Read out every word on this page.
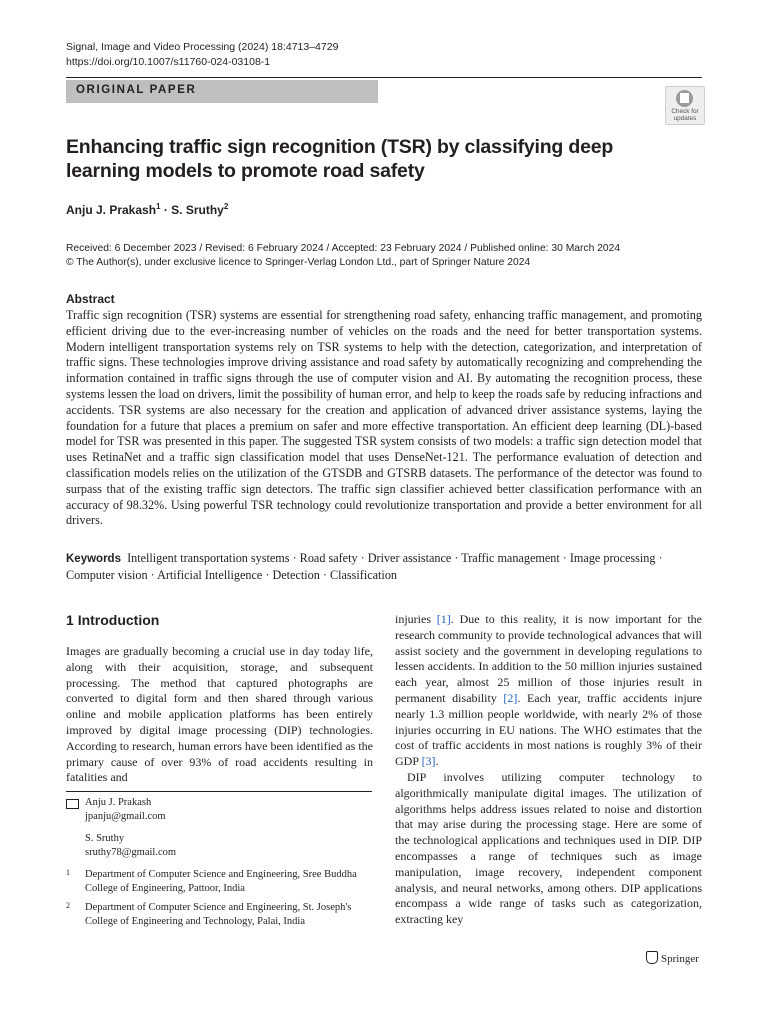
Signal, Image and Video Processing (2024) 18:4713–4729
https://doi.org/10.1007/s11760-024-03108-1
ORIGINAL PAPER
Check for
updates
Enhancing traffic sign recognition (TSR) by classifying deep learning models to promote road safety
Anju J. Prakash$^1$ · S. Sruthy$^2$
Received: 6 December 2023 / Revised: 6 February 2024 / Accepted: 23 February 2024 / Published online: 30 March 2024
© The Author(s), under exclusive licence to Springer-Verlag London Ltd., part of Springer Nature 2024
Abstract
Traffic sign recognition (TSR) systems are essential for strengthening road safety, enhancing traffic management, and promoting efficient driving due to the ever-increasing number of vehicles on the roads and the need for better transportation systems. Modern intelligent transportation systems rely on TSR systems to help with the detection, categorization, and interpretation of traffic signs. These technologies improve driving assistance and road safety by automatically recognizing and comprehending the information contained in traffic signs through the use of computer vision and AI. By automating the recognition process, these systems lessen the load on drivers, limit the possibility of human error, and help to keep the roads safe by reducing infractions and accidents. TSR systems are also necessary for the creation and application of advanced driver assistance systems, laying the foundation for a future that places a premium on safer and more effective transportation. An efficient deep learning (DL)-based model for TSR was presented in this paper. The suggested TSR system consists of two models: a traffic sign detection model that uses RetinaNet and a traffic sign classification model that uses DenseNet-121. The performance evaluation of detection and classification models relies on the utilization of the GTSDB and GTSRB datasets. The performance of the detector was found to surpass that of the existing traffic sign detectors. The traffic sign classifier achieved better classification performance with an accuracy of 98.32%. Using powerful TSR technology could revolutionize transportation and provide a better environment for all drivers.
Keywords Intelligent transportation systems · Road safety · Driver assistance · Traffic management · Image processing · Computer vision · Artificial Intelligence · Detection · Classification
1 Introduction

Images are gradually becoming a crucial use in day today life, along with their acquisition, storage, and subsequent processing. The method that captured photographs are converted to digital form and then shared through various online and mobile application platforms has been entirely improved by digital image processing (DIP) technologies. According to research, human errors have been identified as the primary cause of over 93% of road accidents resulting in fatalities and

Anju J. Prakash
jpanju@gmail.com
S. Sruthy
sruthy78@gmail.com
1 Department of Computer Science and Engineering, Sree Buddha College of Engineering, Pattoor, India
2 Department of Computer Science and Engineering, St. Joseph's College of Engineering and Technology, Palai, India

injuries [1]. Due to this reality, it is now important for the research community to provide technological advances that will assist society and the government in developing regulations to lessen accidents. In addition to the 50 million injuries sustained each year, almost 25 million of those injuries result in permanent disability [2]. Each year, traffic accidents injure nearly 1.3 million people worldwide, with nearly 2% of those injuries occurring in EU nations. The WHO estimates that the cost of traffic accidents in most nations is roughly 3% of their GDP [3].

DIP involves utilizing computer technology to algorithmically manipulate digital images. The utilization of algorithms helps address issues related to noise and distortion that may arise during the processing stage. Here are some of the technological applications and techniques used in DIP. DIP encompasses a range of techniques such as image manipulation, image recovery, independent component analysis, and neural networks, among others. DIP applications encompass a wide range of tasks such as categorization, extracting key

Springer
